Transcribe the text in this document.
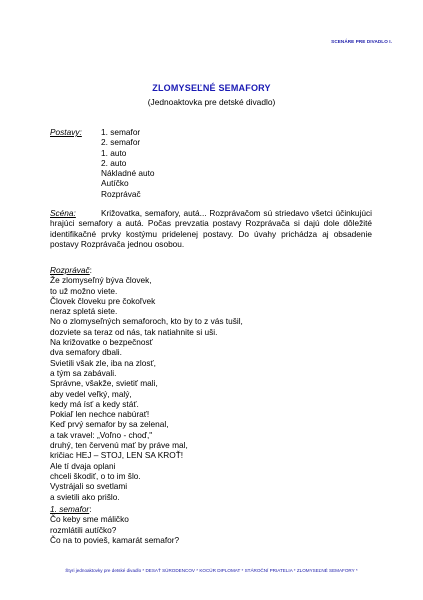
SCENÁRE PRE DIVADLO I.
ZLOMYSEĽNÉ SEMAFORY
(Jednoaktovka pre detské divadlo)
Postavy: 1. semafor
2. semafor
1. auto
2. auto
Nákladné auto
Autíčko
Rozprávač
Scéna:	Križovatka, semafory, autá... Rozprávačom sú striedavo všetci účinkujúci hrajúci semafory a autá. Počas prevzatia postavy Rozprávača si dajú dole dôležité identifikačné prvky kostýmu pridelenej postavy. Do úvahy prichádza aj obsadenie postavy Rozprávača jednou osobou.
Rozprávač:
Že zlomyseľný býva človek,
to už možno viete.
Človek človeku pre čokoľvek
neraz spletá siete.
No o zlomyseľných semaforoch, kto by to z vás tušil,
dozviete sa teraz od nás, tak natiahnite si uši.
Na križovatke o bezpečnosť
dva semafory dbali.
Svietili však zle, iba na zlosť,
a tým sa zabávali.
Správne, všakže, svietiť mali,
aby vedel veľký, malý,
kedy má ísť a kedy stáť.
Pokiaľ len nechce nabúrať!
Keď prvý semafor by sa zelenal,
a tak vravel: „Voľno - choď,"
druhý, ten červenú mať by práve mal,
kričiac HEJ – STOJ, LEN SA KROŤ!
Ale tí dvaja oplani
chceli škodiť, o to im šlo.
Vystrájali so svetlami
a svietili ako prišlo.
1. semafor:
Čo keby sme máličko
rozmlátili autíčko?
Čo na to povieš, kamarát semafor?
Štyri jednoaktovky pre detské divadlo * DESAŤ SÚRODENCOV * KOCÚR DIPLOMAT * STÁROČNÍ PRIATELIA * ZLOMYSEĽNÉ SEMAFORY *
